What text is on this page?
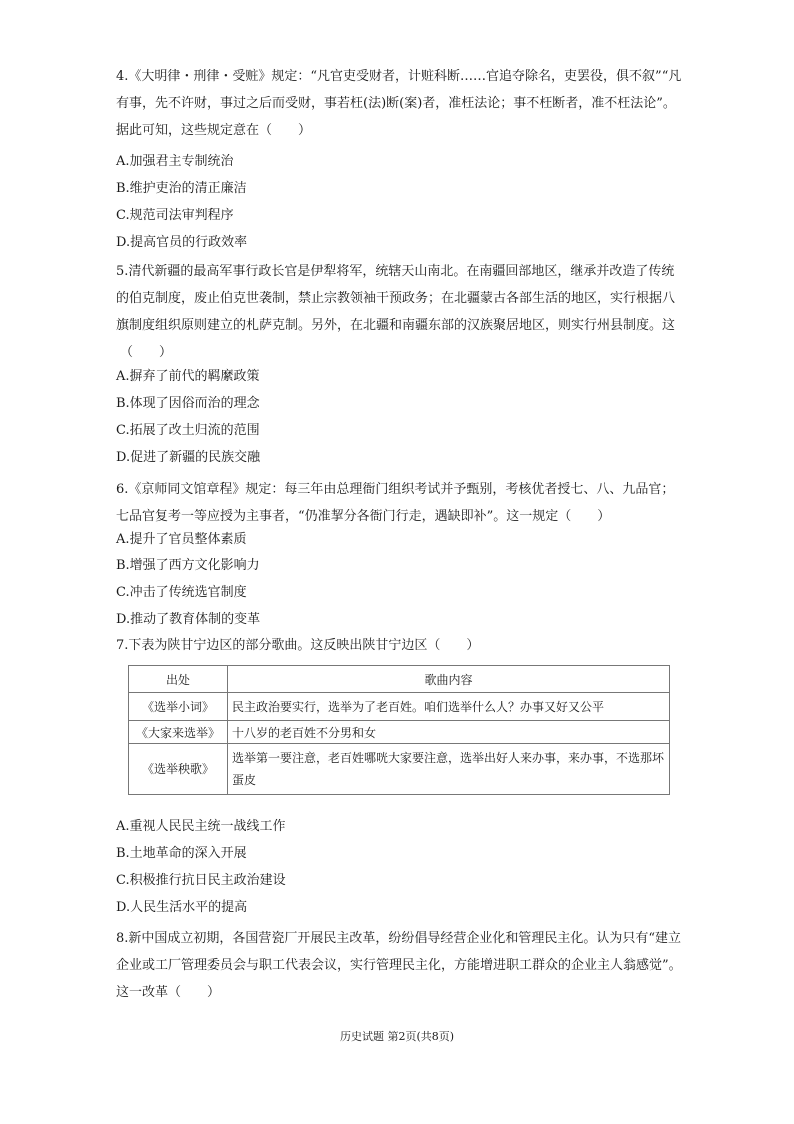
4.《大明律・刑律・受赃》规定：“凡官吏受财者，计赃科断……官追夺除名，吏罢役，俱不叙”“凡有事，先不许财，事过之后而受财，事若枉(法)断(案)者，准枉法论；事不枉断者，准不枉法论”。据此可知，这些规定意在（　　）
A.加强君主专制统治
B.维护吏治的清正廉洁
C.规范司法审判程序
D.提高官员的行政效率
5.清代新疆的最高军事行政长官是伊犁将军，统辖天山南北。在南疆回部地区，继承并改造了传统的伯克制度，废止伯克世袭制，禁止宗教领袖干预政务；在北疆蒙古各部生活的地区，实行根据八旗制度组织原则建立的札萨克制。另外，在北疆和南疆东部的汉族聚居地区，则实行州县制度。这
（　　）
A.摒弃了前代的羁縻政策
B.体现了因俗而治的理念
C.拓展了改土归流的范围
D.促进了新疆的民族交融
6.《京师同文馆章程》规定：每三年由总理衙门组织考试并予甄别，考核优者授七、八、九品官；七品官复考一等应授为主事者，“仍准挈分各衙门行走，遇缺即补”。这一规定（　　）
A.提升了官员整体素质
B.增强了西方文化影响力
C.冲击了传统选官制度
D.推动了教育体制的变革
7.下表为陕甘宁边区的部分歌曲。这反映出陕甘宁边区（　　）
出处	歌曲内容
《选举小词》	民主政治要实行，选举为了老百姓。咱们选举什么人？办事又好又公平
《大家来选举》	十八岁的老百姓不分男和女
《选举秧歌》	选举第一要注意，老百姓哪咣大家要注意，选举出好人来办事，来办事，不选那坏蛋皮
A.重视人民民主统一战线工作
B.土地革命的深入开展
C.积极推行抗日民主政治建设
D.人民生活水平的提高
8.新中国成立初期，各国营瓷厂开展民主改革，纷纷倡导经营企业化和管理民主化。认为只有“建立企业或工厂管理委员会与职工代表会议，实行管理民主化，方能增进职工群众的企业主人翁感觉”。这一改革（　　）
历史试题 第2页(共8页)
